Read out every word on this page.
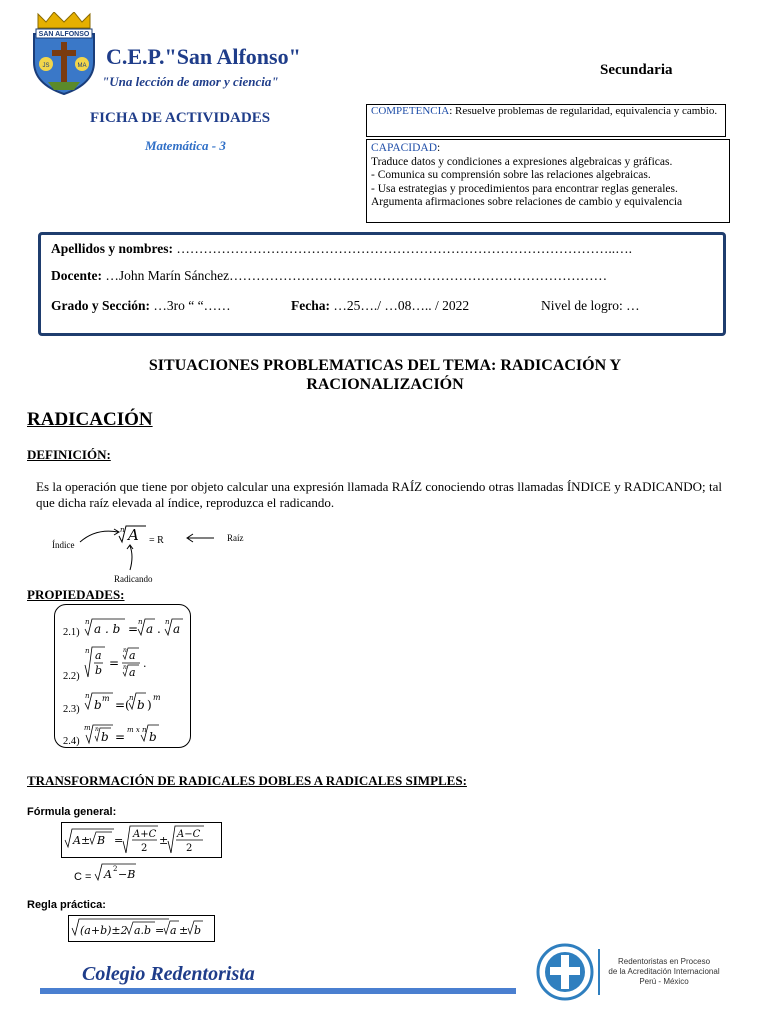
SAN ALFONSO
JS	MA C.E.P."San Alfonso"
"Una lección de amor y ciencia"
Secundaria
FICHA DE ACTIVIDADES
Matemática - 3
COMPETENCIA: Resuelve problemas de regularidad, equivalencia y cambio.
CAPACIDAD:
Traduce datos y condiciones a expresiones algebraicas y gráficas.
- Comunica su comprensión sobre las relaciones algebraicas.
- Usa estrategias y procedimientos para encontrar reglas generales.
Argumenta afirmaciones sobre relaciones de cambio y equivalencia
Apellidos y nombres: ……………………………………………………………………………………..….
Docente: …John Marín Sánchez…………………………………………………………………………
Grado y Sección: …3ro “ “……	Fecha: …25…./ …08….. / 2022	Nivel de logro: …
SITUACIONES PROBLEMATICAS DEL TEMA: RADICACIÓN Y
RACIONALIZACIÓN
RADICACIÓN
DEFINICIÓN:
Es la operación que tiene por objeto calcular una expresión llamada RAÍZ conociendo otras llamadas ÍNDICE y RADICANDO; tal que dicha raíz elevada al índice, reproduzca el radicando.
Índice
Raíz
Radicando
n A = R
PROPIEDADES:
2.1)
n a . b = n a . n a
2.2)
n a
b
=
n a
n a
.
2.3)
n
b m =( n b )
m
2.4)
m n
b = m x n b
TRANSFORMACIÓN DE RADICALES DOBLES A RADICALES SIMPLES:
Fórmula general:
A± B = A+C
2
± A−C
2
C = A 2 −B
Regla práctica:
(a+b)±2 a.b = a ± b
Colegio Redentorista
Redentoristas en Proceso
de la Acreditación Internacional
Perú - México
